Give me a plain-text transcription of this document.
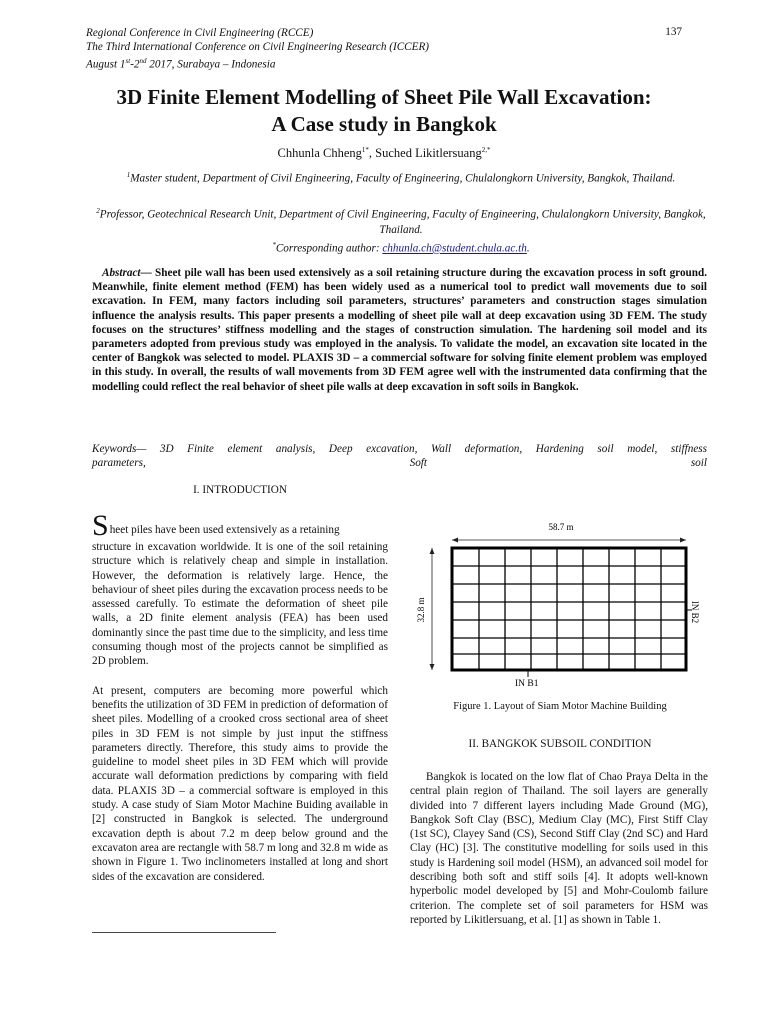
Regional Conference in Civil Engineering (RCCE)
The Third International Conference on Civil Engineering Research (ICCER)
August 1st-2nd 2017, Surabaya – Indonesia
137
3D Finite Element Modelling of Sheet Pile Wall Excavation:
A Case study in Bangkok
Chhunla Chheng$^{1*}$, Suched Likitlersuang$^{2,*}$
$^1$Master student, Department of Civil Engineering, Faculty of Engineering, Chulalongkorn University, Bangkok, Thailand.
$^2$Professor, Geotechnical Research Unit, Department of Civil Engineering, Faculty of Engineering, Chulalongkorn University, Bangkok, Thailand.
*Corresponding author: chhunla.ch@student.chula.ac.th.
Abstract— Sheet pile wall has been used extensively as a soil retaining structure during the excavation process in soft ground. Meanwhile, finite element method (FEM) has been widely used as a numerical tool to predict wall movements due to soil excavation. In FEM, many factors including soil parameters, structures’ parameters and construction stages simulation influence the analysis results. This paper presents a modelling of sheet pile wall at deep excavation using 3D FEM. The study focuses on the structures’ stiffness modelling and the stages of construction simulation. The hardening soil model and its parameters adopted from previous study was employed in the analysis. To validate the model, an excavation site located in the center of Bangkok was selected to model. PLAXIS 3D – a commercial software for solving finite element problem was employed in this study. In overall, the results of wall movements from 3D FEM agree well with the instrumented data confirming that the modelling could reflect the real behavior of sheet pile walls at deep excavation in soft soils in Bangkok.
Keywords— 3D Finite element analysis, Deep excavation, Wall deformation, Hardening soil model, stiffness
parameters,	Soft	soil
I. INTRODUCTION
S heet piles have been used extensively as a retaining
structure in excavation worldwide. It is one of the soil retaining structure which is relatively cheap and simple in installation. However, the deformation is relatively large. Hence, the behaviour of sheet piles during the excavation process needs to be assessed carefully. To estimate the deformation of sheet pile walls, a 2D finite element analysis (FEA) has been used dominantly since the past time due to the simplicity, and less time consuming though most of the projects cannot be simplified as 2D problem.
At present, computers are becoming more powerful which benefits the utilization of 3D FEM in prediction of deformation of sheet piles. Modelling of a crooked cross sectional area of sheet piles in 3D FEM is not simple by just input the stiffness parameters directly. Therefore, this study aims to provide the guideline to model sheet piles in 3D FEM which will provide accurate wall deformation predictions by comparing with field data. PLAXIS 3D – a commercial software is employed in this study. A case study of Siam Motor Machine Buiding available in [2] constructed in Bangkok is selected. The underground excavation depth is about 7.2 m deep below ground and the excavaton area are rectangle with 58.7 m long and 32.8 m wide as shown in Figure 1. Two inclinometers installed at long and short sides of the excavation are considered.
58.7 m
32.8 m
IN B1
IN B2
Figure 1. Layout of Siam Motor Machine Building
II. BANGKOK SUBSOIL CONDITION
Bangkok is located on the low flat of Chao Praya Delta in the central plain region of Thailand. The soil layers are generally divided into 7 different layers including Made Ground (MG), Bangkok Soft Clay (BSC), Medium Clay (MC), First Stiff Clay (1st SC), Clayey Sand (CS), Second Stiff Clay (2nd SC) and Hard Clay (HC) [3]. The constitutive modelling for soils used in this study is Hardening soil model (HSM), an advanced soil model for describing both soft and stiff soils [4]. It adopts well-known hyperbolic model developed by [5] and Mohr-Coulomb failure criterion. The complete set of soil parameters for HSM was reported by Likitlersuang, et al. [1] as shown in Table 1.
